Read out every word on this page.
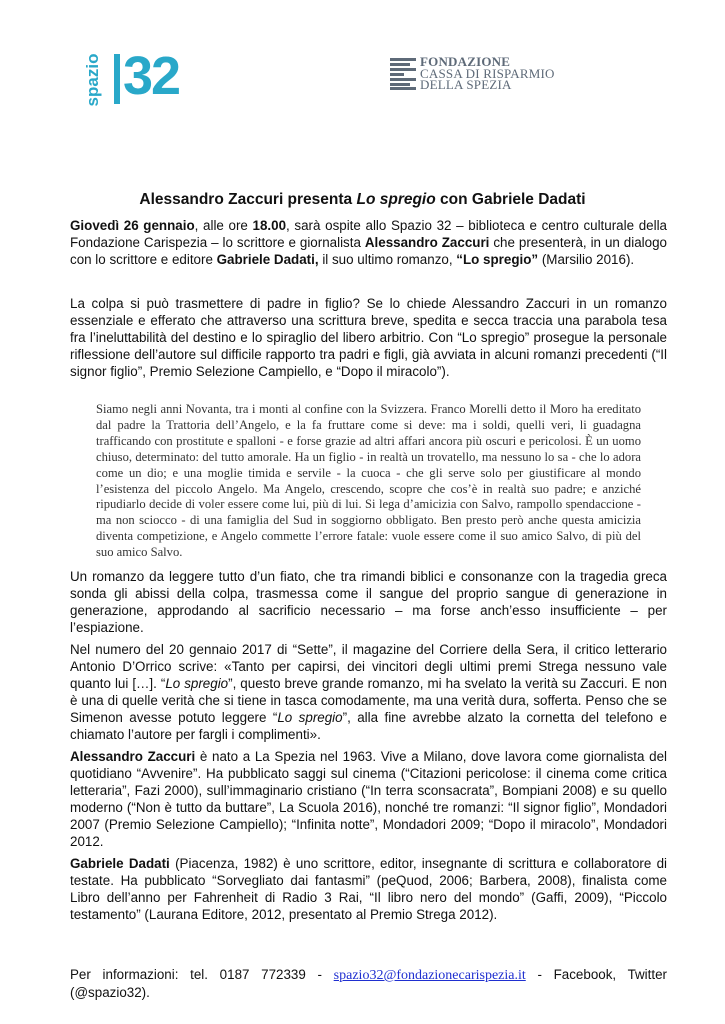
spazio 32	FONDAZIONE
CASSA DI RISPARMIO
DELLA SPEZIA
Alessandro Zaccuri presenta Lo spregio con Gabriele Dadati

Giovedì 26 gennaio, alle ore 18.00, sarà ospite allo Spazio 32 – biblioteca e centro culturale della Fondazione Carispezia – lo scrittore e giornalista Alessandro Zaccuri che presenterà, in un dialogo con lo scrittore e editore Gabriele Dadati, il suo ultimo romanzo, “Lo spregio” (Marsilio 2016).

La colpa si può trasmettere di padre in figlio? Se lo chiede Alessandro Zaccuri in un romanzo essenziale e efferato che attraverso una scrittura breve, spedita e secca traccia una parabola tesa fra l’ineluttabilità del destino e lo spiraglio del libero arbitrio. Con “Lo spregio” prosegue la personale riflessione dell’autore sul difficile rapporto tra padri e figli, già avviata in alcuni romanzi precedenti (“Il signor figlio”, Premio Selezione Campiello, e “Dopo il miracolo”).

Siamo negli anni Novanta, tra i monti al confine con la Svizzera. Franco Morelli detto il Moro ha ereditato dal padre la Trattoria dell’Angelo, e la fa fruttare come si deve: ma i soldi, quelli veri, li guadagna trafficando con prostitute e spalloni - e forse grazie ad altri affari ancora più oscuri e pericolosi. È un uomo chiuso, determinato: del tutto amorale. Ha un figlio - in realtà un trovatello, ma nessuno lo sa - che lo adora come un dio; e una moglie timida e servile - la cuoca - che gli serve solo per giustificare al mondo l’esistenza del piccolo Angelo. Ma Angelo, crescendo, scopre che cos’è in realtà suo padre; e anziché ripudiarlo decide di voler essere come lui, più di lui. Si lega d’amicizia con Salvo, rampollo spendaccione - ma non sciocco - di una famiglia del Sud in soggiorno obbligato. Ben presto però anche questa amicizia diventa competizione, e Angelo commette l’errore fatale: vuole essere come il suo amico Salvo, di più del suo amico Salvo.

Un romanzo da leggere tutto d’un fiato, che tra rimandi biblici e consonanze con la tragedia greca sonda gli abissi della colpa, trasmessa come il sangue del proprio sangue di generazione in generazione, approdando al sacrificio necessario – ma forse anch’esso insufficiente – per l’espiazione.

Nel numero del 20 gennaio 2017 di “Sette”, il magazine del Corriere della Sera, il critico letterario Antonio D’Orrico scrive: «Tanto per capirsi, dei vincitori degli ultimi premi Strega nessuno vale quanto lui […]. “Lo spregio”, questo breve grande romanzo, mi ha svelato la verità su Zaccuri. E non è una di quelle verità che si tiene in tasca comodamente, ma una verità dura, sofferta. Penso che se Simenon avesse potuto leggere “Lo spregio”, alla fine avrebbe alzato la cornetta del telefono e chiamato l’autore per fargli i complimenti».

Alessandro Zaccuri è nato a La Spezia nel 1963. Vive a Milano, dove lavora come giornalista del quotidiano “Avvenire”. Ha pubblicato saggi sul cinema (“Citazioni pericolose: il cinema come critica letteraria”, Fazi 2000), sull’immaginario cristiano (“In terra sconsacrata”, Bompiani 2008) e su quello moderno (“Non è tutto da buttare”, La Scuola 2016), nonché tre romanzi: “Il signor figlio”, Mondadori 2007 (Premio Selezione Campiello); “Infinita notte”, Mondadori 2009; “Dopo il miracolo”, Mondadori 2012.

Gabriele Dadati (Piacenza, 1982) è uno scrittore, editor, insegnante di scrittura e collaboratore di testate. Ha pubblicato “Sorvegliato dai fantasmi” (peQuod, 2006; Barbera, 2008), finalista come Libro dell’anno per Fahrenheit di Radio 3 Rai, “Il libro nero del mondo” (Gaffi, 2009), “Piccolo testamento” (Laurana Editore, 2012, presentato al Premio Strega 2012).

Per informazioni: tel. 0187 772339 - spazio32@fondazionecarispezia.it - Facebook, Twitter (@spazio32).
